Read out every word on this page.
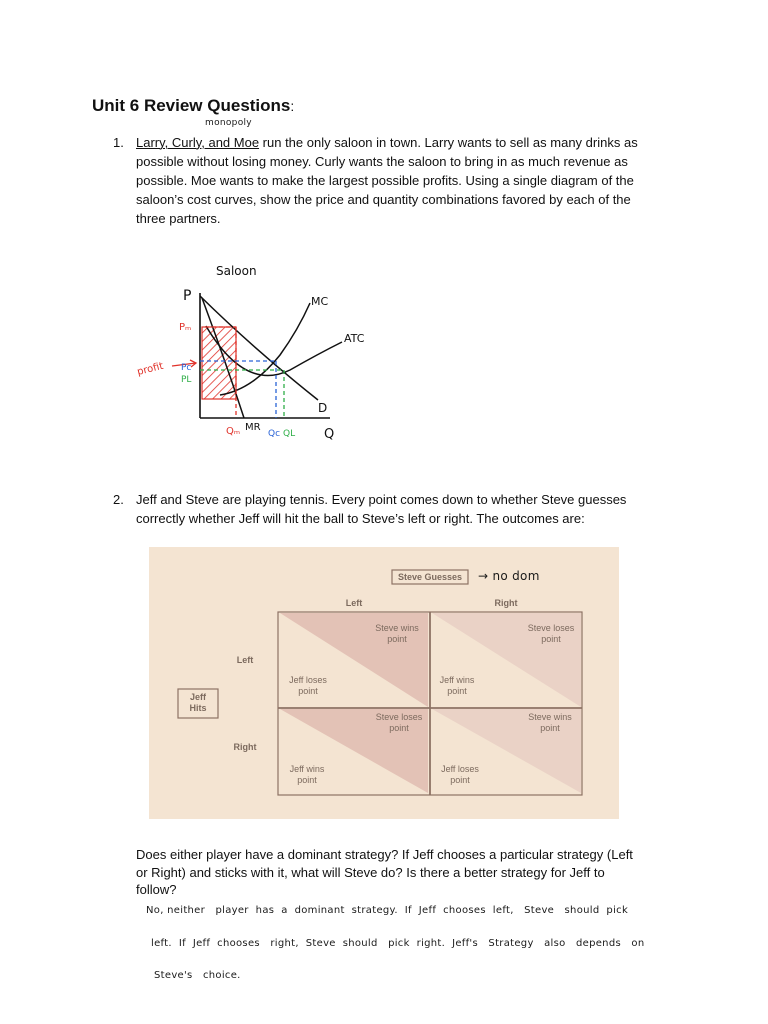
Unit 6 Review Questions:
1.
monopoly
Larry, Curly, and Moe run the only saloon in town. Larry wants to sell as many drinks as
possible without losing money. Curly wants the saloon to bring in as much revenue as
possible. Moe wants to make the largest possible profits. Using a single diagram of the
saloon’s cost curves, show the price and quantity combinations favored by each of the
three partners.
Saloon
P
Q
MC
ATC
D
MR
Pₘ
Pc
PL
profit
Qₘ	Qc QL
2. Jeff and Steve are playing tennis. Every point comes down to whether Steve guesses
correctly whether Jeff will hit the ball to Steve’s left or right. The outcomes are:
Steve Guesses
Left	Right
Jeff
Hits
Left
Right
Steve wins
point
Jeff loses
point
Steve loses
point
Jeff wins
point
Steve loses
point
Jeff wins
point
Steve wins
point
Jeff loses
point
→ no dom
Does either player have a dominant strategy? If Jeff chooses a particular strategy (Left
or Right) and sticks with it, what will Steve do? Is there a better strategy for Jeff to
follow?
No, neither   player  has  a  dominant  strategy.  If  Jeff  chooses  left,   Steve   should  pick
left.  If  Jeff  chooses   right,  Steve  should   pick  right.  Jeff's   Strategy   also   depends   on
Steve's   choice.
